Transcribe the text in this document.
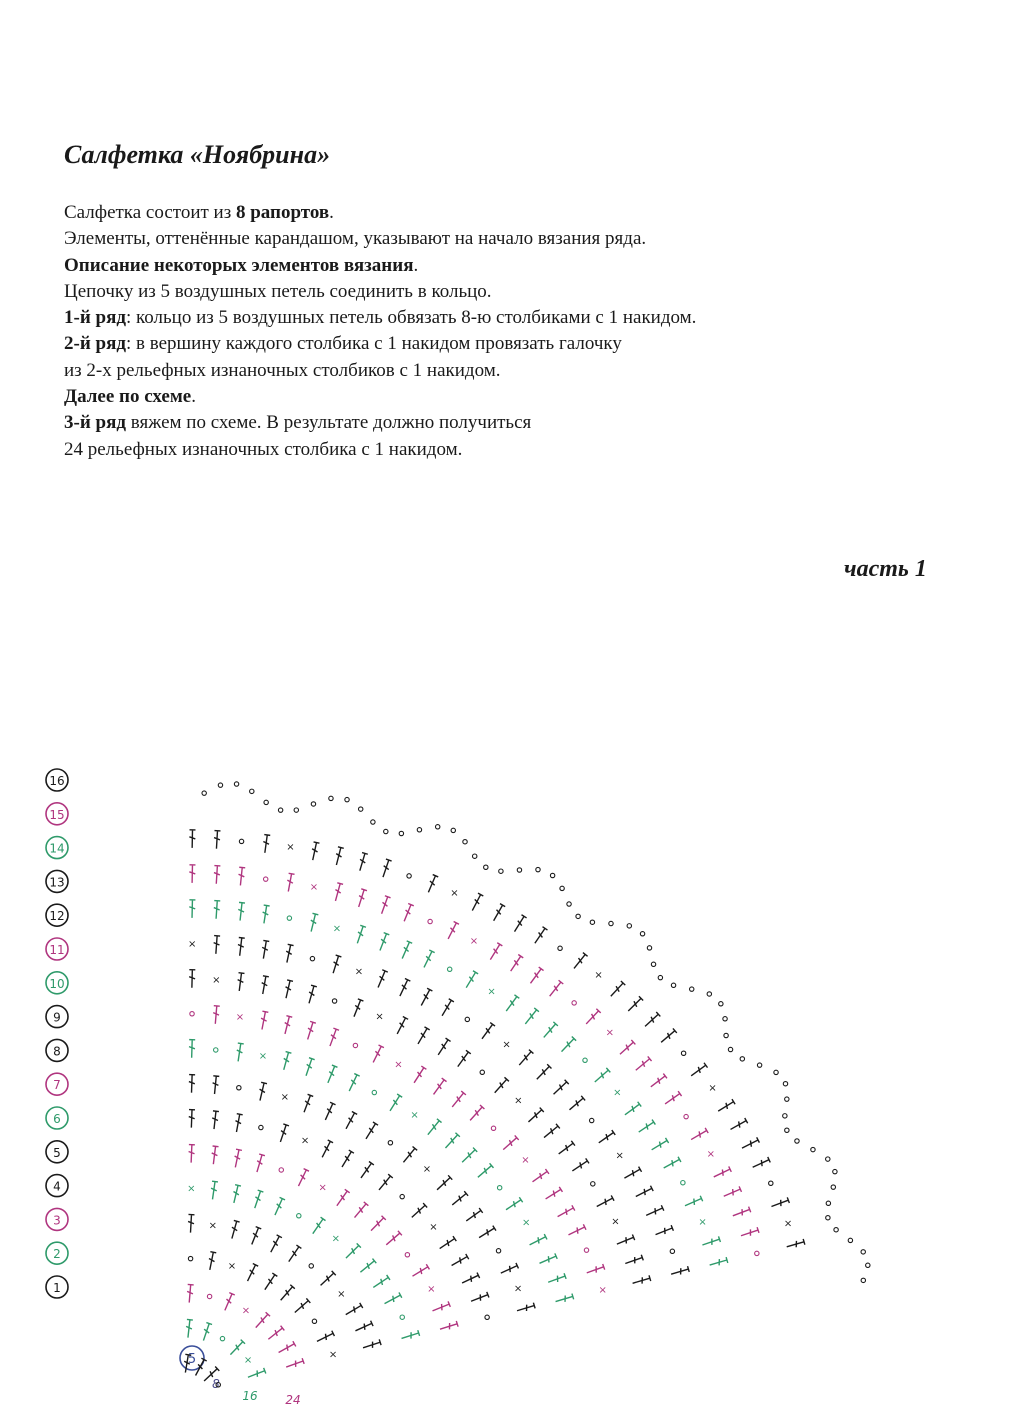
Салфетка «Ноябрина»
Салфетка состоит из 8 рапортов.
Элементы, оттенённые карандашом, указывают на начало вязания ряда.
Описание некоторых элементов вязания.
Цепочку из 5 воздушных петель соединить в кольцо.
1-й ряд: кольцо из 5 воздушных петель обвязать 8-ю столбиками с 1 накидом.
2-й ряд: в вершину каждого столбика с 1 накидом провязать галочку
из 2-х рельефных изнаночных столбиков с 1 накидом.
Далее по схеме.
3-й ряд вяжем по схеме. В результате должно получиться
24 рельефных изнаночных столбика с 1 накидом.
часть 1
16
15
14
13
12
11
10
9
8
7
6
5
4
3
2
1
5
8
16 24
×
×
×
×
×
×
×
×
×
×
×
×
×
×
×
×
×
×
×
×
×
×
×
×
×
×
×
×
×
×
×
×
×
×
×
×
×
×
×
×
×
×
×
